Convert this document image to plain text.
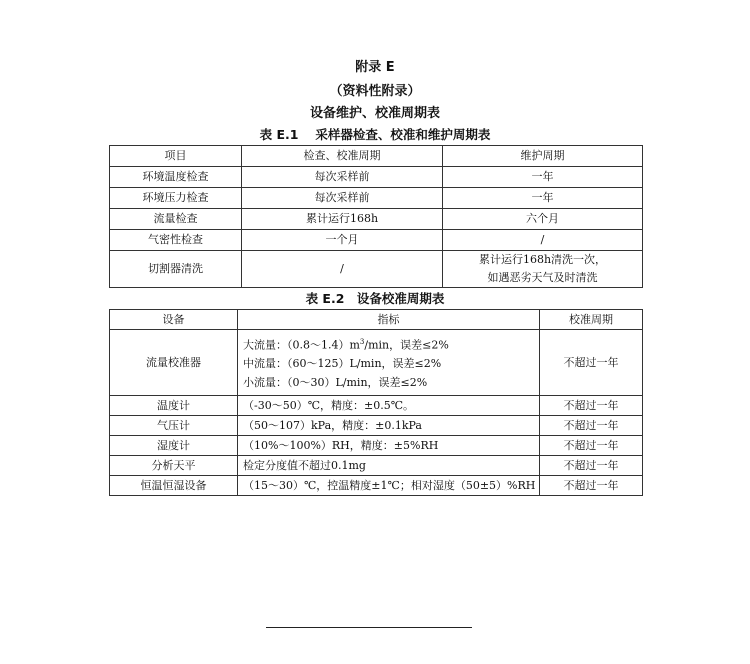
附录 E
（资料性附录）
设备维护、校准周期表
表 E.1　 采样器检查、校准和维护周期表
项目	检查、校准周期	维护周期
环境温度检查	每次采样前	一年
环境压力检查	每次采样前	一年
流量检查	累计运行168h	六个月
气密性检查	一个月	/
切割器清洗	/	累计运行168h清洗一次，
如遇恶劣天气及时清洗
表 E.2　设备校准周期表
设备	指标	校准周期
流量校准器	大流量：$(0.8\sim 1.4)m^3/\min$，误差≤2%
中流量：（60～125）L/min，误差≤2%
小流量：（0～30）L/min，误差≤2%	不超过一年
温度计	（-30～50）℃，精度：±0.5℃。	不超过一年
气压计	（50～107）kPa，精度：±0.1kPa	不超过一年
湿度计	（10%～100%）RH，精度：±5%RH	不超过一年
分析天平	检定分度值不超过0.1mg	不超过一年
恒温恒湿设备	（15～30）℃，控温精度±1℃；相对湿度（50±5）%RH	不超过一年
